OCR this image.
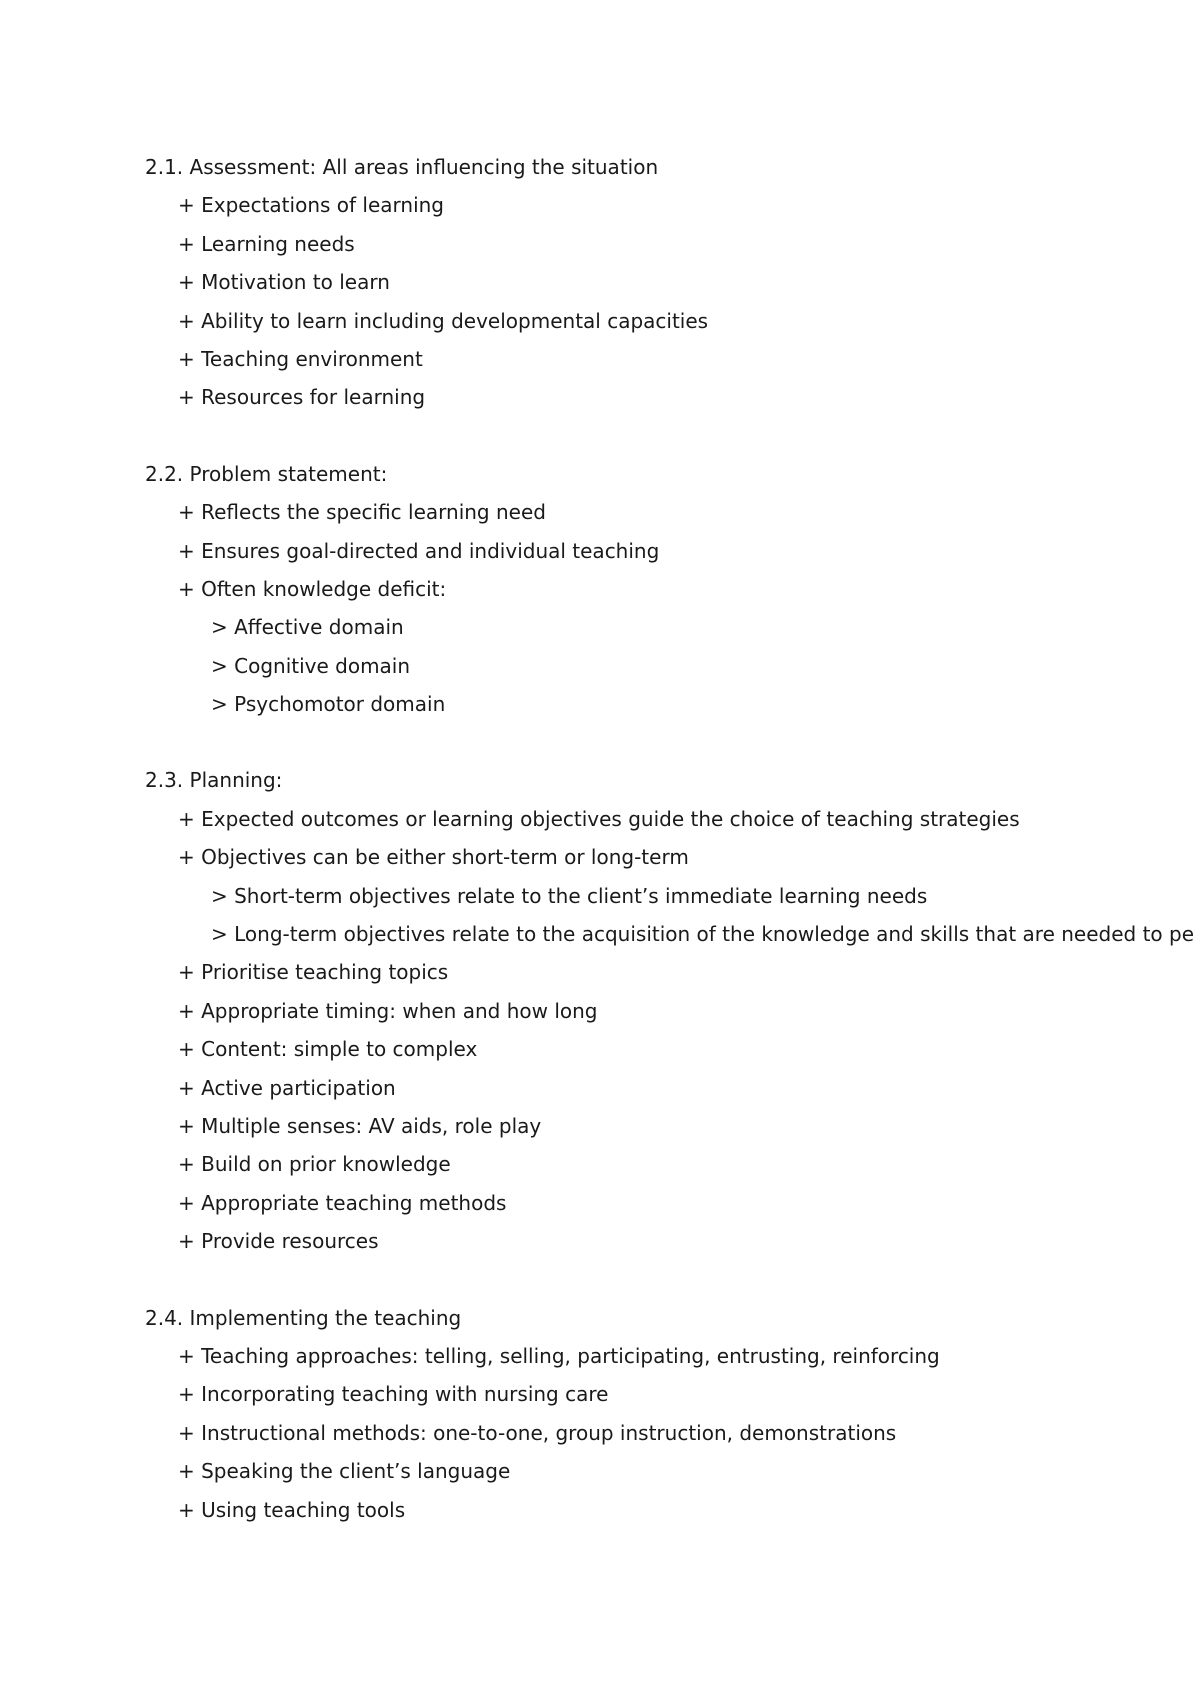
2.1. Assessment: All areas influencing the situation
+ Expectations of learning
+ Learning needs
+ Motivation to learn
+ Ability to learn including developmental capacities
+ Teaching environment
+ Resources for learning
2.2. Problem statement:
+ Reflects the specific learning need
+ Ensures goal-directed and individual teaching
+ Often knowledge deficit:
> Affective domain
> Cognitive domain
> Psychomotor domain
2.3. Planning:
+ Expected outcomes or learning objectives guide the choice of teaching strategies
+ Objectives can be either short-term or long-term
> Short-term objectives relate to the client’s immediate learning needs
> Long-term objectives relate to the acquisition of the knowledge and skills that are needed to pe
+ Prioritise teaching topics
+ Appropriate timing: when and how long
+ Content: simple to complex
+ Active participation
+ Multiple senses: AV aids, role play
+ Build on prior knowledge
+ Appropriate teaching methods
+ Provide resources
2.4. Implementing the teaching
+ Teaching approaches: telling, selling, participating, entrusting, reinforcing
+ Incorporating teaching with nursing care
+ Instructional methods: one-to-one, group instruction, demonstrations
+ Speaking the client’s language
+ Using teaching tools
